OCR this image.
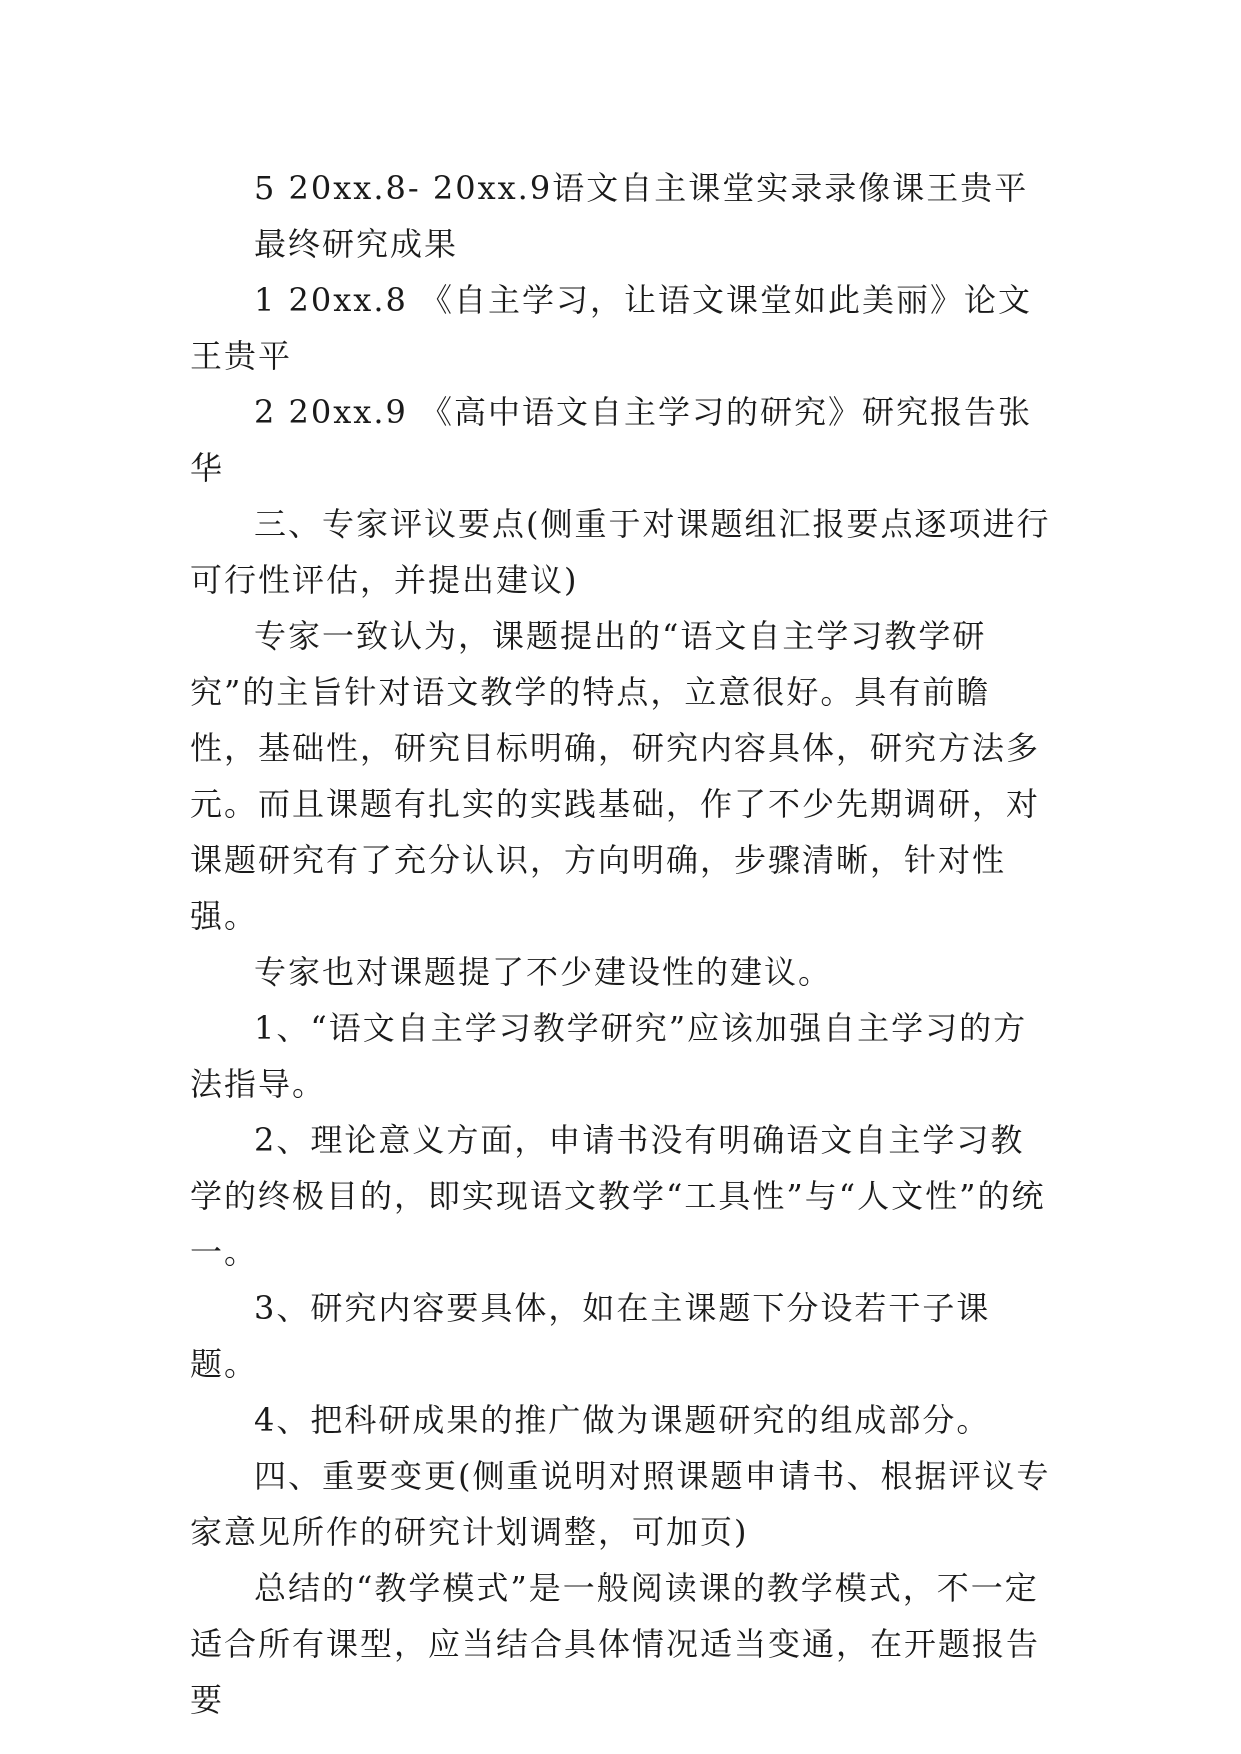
5 20xx.8- 20xx.9语文自主课堂实录录像课王贵平

最终研究成果

1 20xx.8 《自主学习，让语文课堂如此美丽》论文王贵平

2 20xx.9 《高中语文自主学习的研究》研究报告张华

三、专家评议要点(侧重于对课题组汇报要点逐项进行可行性评估，并提出建议)

专家一致认为，课题提出的“语文自主学习教学研究”的主旨针对语文教学的特点，立意很好。具有前瞻性，基础性，研究目标明确，研究内容具体，研究方法多元。而且课题有扎实的实践基础，作了不少先期调研，对课题研究有了充分认识，方向明确，步骤清晰，针对性强。

专家也对课题提了不少建设性的建议。

1、“语文自主学习教学研究”应该加强自主学习的方法指导。

2、理论意义方面，申请书没有明确语文自主学习教学的终极目的，即实现语文教学“工具性”与“人文性”的统一。

3、研究内容要具体，如在主课题下分设若干子课题。

4、把科研成果的推广做为课题研究的组成部分。

四、重要变更(侧重说明对照课题申请书、根据评议专家意见所作的研究计划调整，可加页)

总结的“教学模式”是一般阅读课的教学模式，不一定适合所有课型，应当结合具体情况适当变通，在开题报告要
